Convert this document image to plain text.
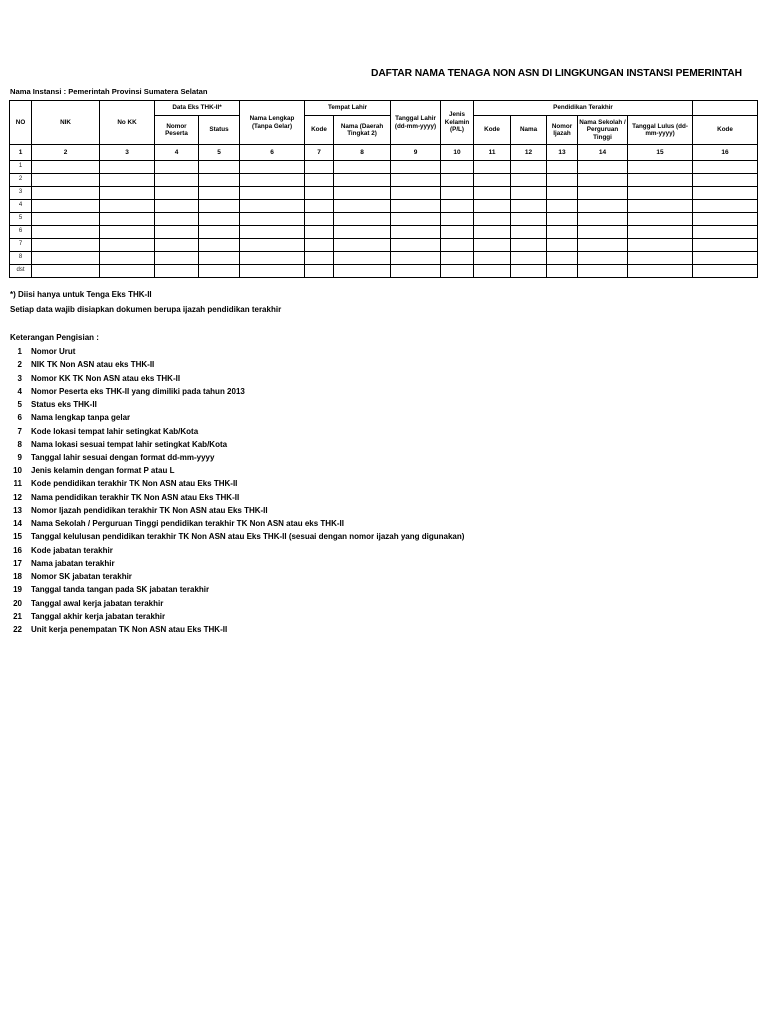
DAFTAR NAMA TENAGA NON ASN DI LINGKUNGAN INSTANSI PEMERINTAH
Nama Instansi : Pemerintah Provinsi Sumatera Selatan
NO	NIK	No KK	Data Eks THK-II*		Nama Lengkap (Tanpa Gelar)	Tempat Lahir		Tanggal Lahir (dd-mm-yyyy)	Jenis Kelamin (P/L)	Pendidikan Terakhir					
			Nomor Peserta	Status		Kode	Nama (Daerah Tingkat 2)			Kode	Nama	Nomor Ijazah	Nama Sekolah / Perguruan Tinggi	Tanggal Lulus (dd-mm-yyyy)	Kode
1	2	3	4	5	6	7	8	9	10	11	12	13	14	15	16
1															
2															
3															
4															
5															
6															
7															
8															
dst															
*) Diisi hanya untuk Tenga Eks THK-II
Setiap data wajib disiapkan dokumen berupa ijazah pendidikan terakhir
Keterangan Pengisian :
1 Nomor Urut
2 NIK TK Non ASN atau eks THK-II
3 Nomor KK TK Non ASN atau eks THK-II
4 Nomor Peserta eks THK-II yang dimiliki pada tahun 2013
5 Status eks THK-II
6 Nama lengkap tanpa gelar
7 Kode lokasi tempat lahir setingkat Kab/Kota
8 Nama lokasi sesuai tempat lahir setingkat Kab/Kota
9 Tanggal lahir sesuai dengan format dd-mm-yyyy
10 Jenis kelamin dengan format P atau L
11 Kode pendidikan terakhir TK Non ASN atau Eks THK-II
12 Nama pendidikan terakhir TK Non ASN atau Eks THK-II
13 Nomor Ijazah pendidikan terakhir TK Non ASN atau Eks THK-II
14 Nama Sekolah / Perguruan Tinggi pendidikan terakhir TK Non ASN atau eks THK-II
15 Tanggal kelulusan pendidikan terakhir TK Non ASN atau Eks THK-II (sesuai dengan nomor ijazah yang digunakan)
16 Kode jabatan terakhir
17 Nama jabatan terakhir
18 Nomor SK jabatan terakhir
19 Tanggal tanda tangan pada SK jabatan terakhir
20 Tanggal awal kerja jabatan terakhir
21 Tanggal akhir kerja jabatan terakhir
22 Unit kerja penempatan TK Non ASN atau Eks THK-II
